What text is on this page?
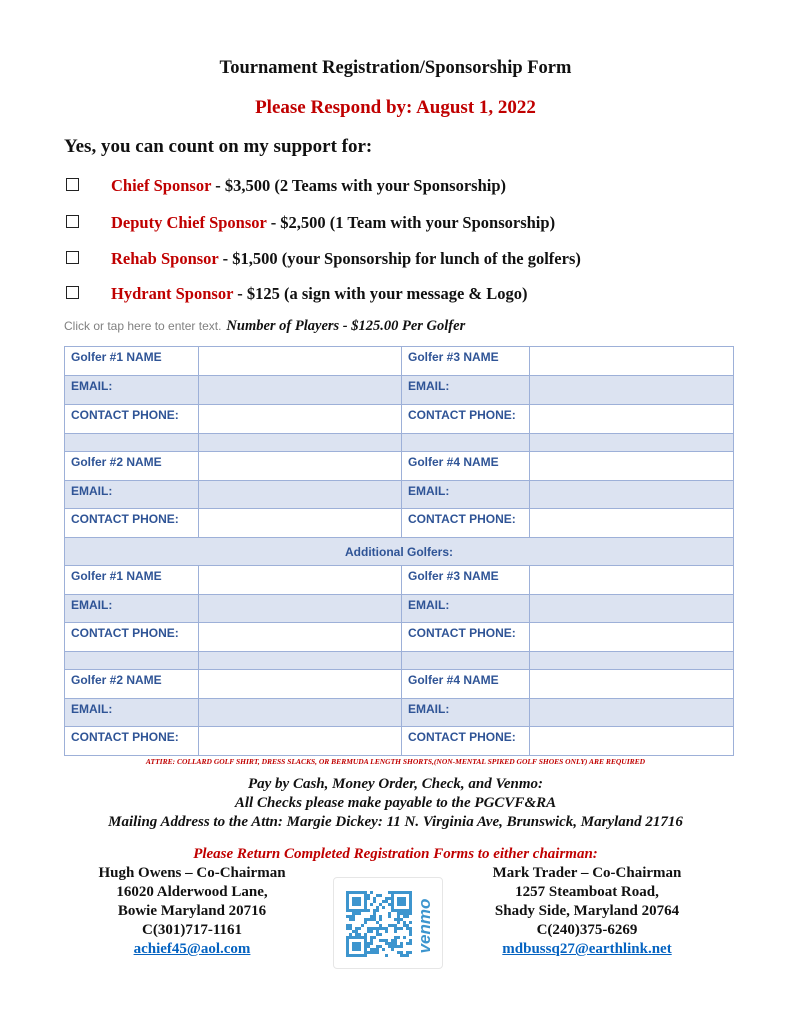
Tournament Registration/Sponsorship Form
Please Respond by: August 1, 2022
Yes, you can count on my support for:
Chief Sponsor - $3,500 (2 Teams with your Sponsorship)
Deputy Chief Sponsor - $2,500 (1 Team with your Sponsorship)
Rehab Sponsor - $1,500 (your Sponsorship for lunch of the golfers)
Hydrant Sponsor - $125 (a sign with your message & Logo)
Click or tap here to enter text. Number of Players - $125.00 Per Golfer
Golfer #1 NAME		Golfer #3 NAME	

EMAIL:		EMAIL:	

CONTACT PHONE:		CONTACT PHONE:	

Golfer #2 NAME		Golfer #4 NAME	

EMAIL:		EMAIL:	

CONTACT PHONE:		CONTACT PHONE:	

Additional Golfers:			

Golfer #1 NAME		Golfer #3 NAME	

EMAIL:		EMAIL:	

CONTACT PHONE:		CONTACT PHONE:	

Golfer #2 NAME		Golfer #4 NAME	

EMAIL:		EMAIL:	

CONTACT PHONE:		CONTACT PHONE:	

ATTIRE: COLLARD GOLF SHIRT, DRESS SLACKS, OR BERMUDA LENGTH SHORTS,(NON-MENTAL SPIKED GOLF SHOES ONLY) ARE REQUIRED
Pay by Cash, Money Order, Check, and Venmo:
All Checks please make payable to the PGCVF&RA
Mailing Address to the Attn: Margie Dickey: 11 N. Virginia Ave, Brunswick, Maryland 21716
Please Return Completed Registration Forms to either chairman:
Hugh Owens – Co-Chairman
16020 Alderwood Lane,
Bowie Maryland 20716
C(301)717-1161
achief45@aol.com
Mark Trader – Co-Chairman
1257 Steamboat Road,
Shady Side, Maryland 20764
C(240)375-6269
mdbussq27@earthlink.net
venmo
